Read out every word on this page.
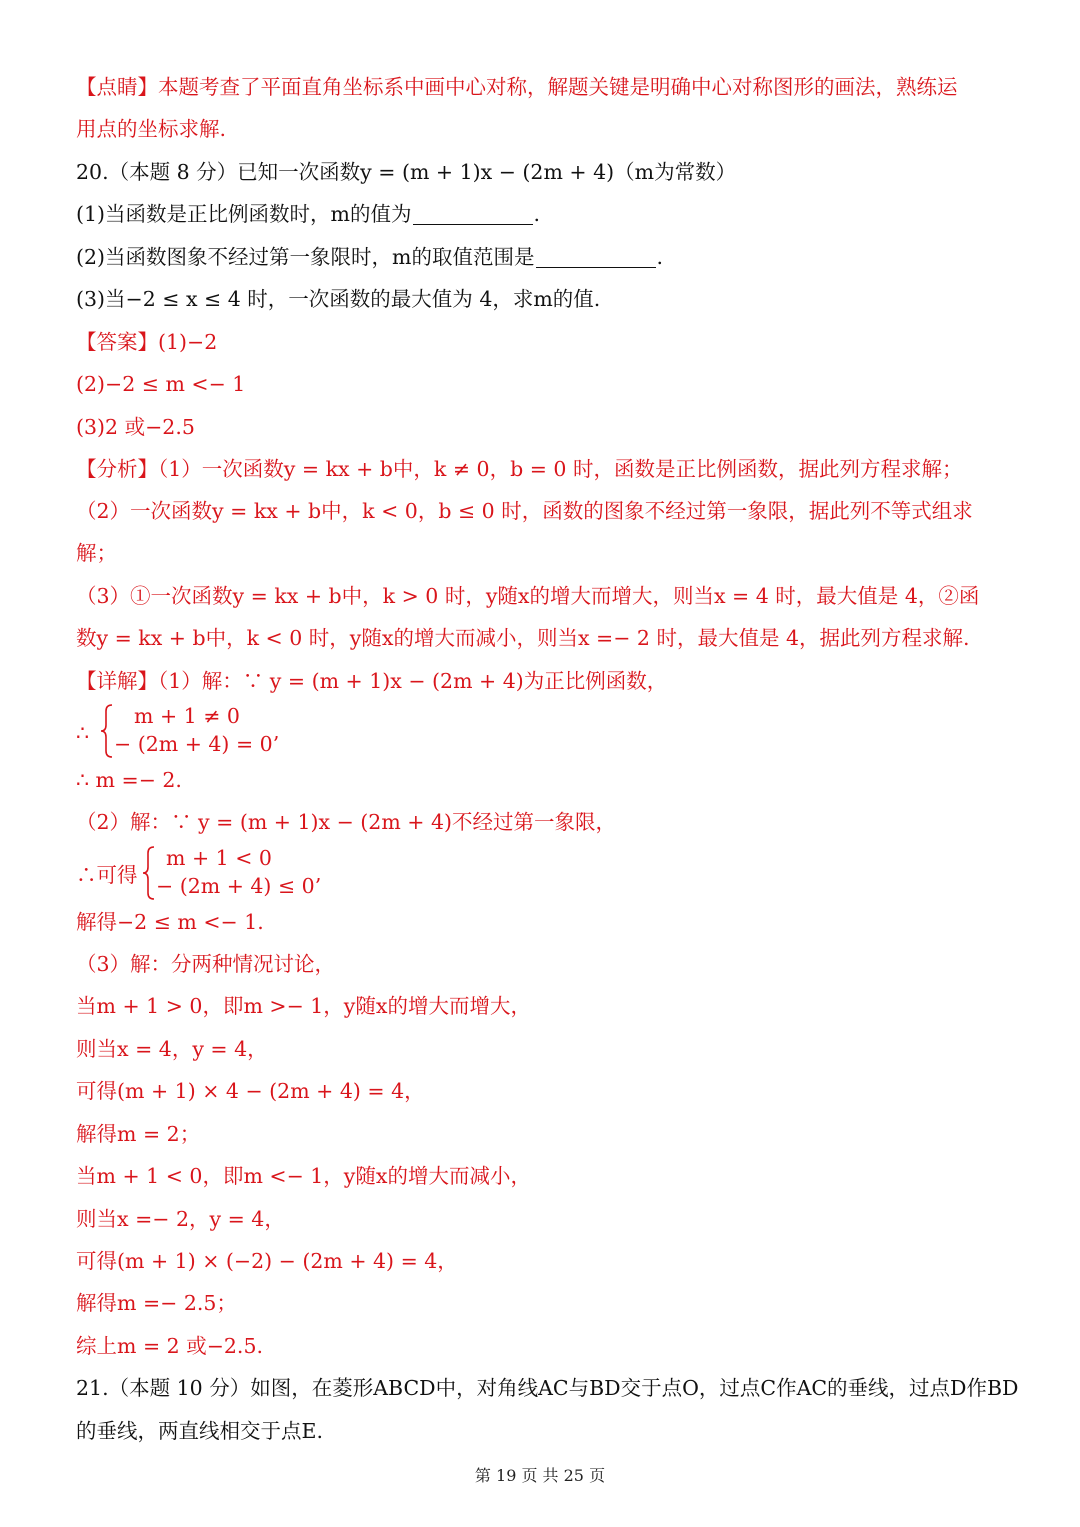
【点睛】本题考查了平面直角坐标系中画中心对称，解题关键是明确中心对称图形的画法，熟练运
用点的坐标求解.
20.（本题 8 分）已知一次函数y = (m + 1)x − (2m + 4)（m为常数）
(1)当函数是正比例函数时，m的值为	.
(2)当函数图象不经过第一象限时，m的取值范围是	.
(3)当−2 ≤ x ≤ 4 时，一次函数的最大值为 4，求m的值.
【答案】(1)−2
(2)−2 ≤ m <− 1
(3)2 或−2.5
【分析】（1）一次函数y = kx + b中，k ≠ 0，b = 0 时，函数是正比例函数，据此列方程求解；
（2）一次函数y = kx + b中，k < 0，b ≤ 0 时，函数的图象不经过第一象限，据此列不等式组求
解；
（3）①一次函数y = kx + b中，k > 0 时，y随x的增大而增大，则当x = 4 时，最大值是 4，②函
数y = kx + b中，k < 0 时，y随x的增大而减小，则当x =− 2 时，最大值是 4，据此列方程求解.
【详解】（1）解：∵ y = (m + 1)x − (2m + 4)为正比例函数，
∴
m + 1 ≠ 0
− (2m + 4) = 0’
∴ m =− 2.
（2）解：∵ y = (m + 1)x − (2m + 4)不经过第一象限，
∴可得
m + 1 < 0
− (2m + 4) ≤ 0’
解得−2 ≤ m <− 1.
（3）解：分两种情况讨论，
当m + 1 > 0，即m >− 1，y随x的增大而增大，
则当x = 4，y = 4，
可得(m + 1) × 4 − (2m + 4) = 4，
解得m = 2；
当m + 1 < 0，即m <− 1，y随x的增大而减小，
则当x =− 2，y = 4，
可得(m + 1) × (−2) − (2m + 4) = 4，
解得m =− 2.5；
综上m = 2 或−2.5.
21.（本题 10 分）如图，在菱形ABCD中，对角线AC与BD交于点O，过点C作AC的垂线，过点D作BD
的垂线，两直线相交于点E.
第 19 页 共 25 页
